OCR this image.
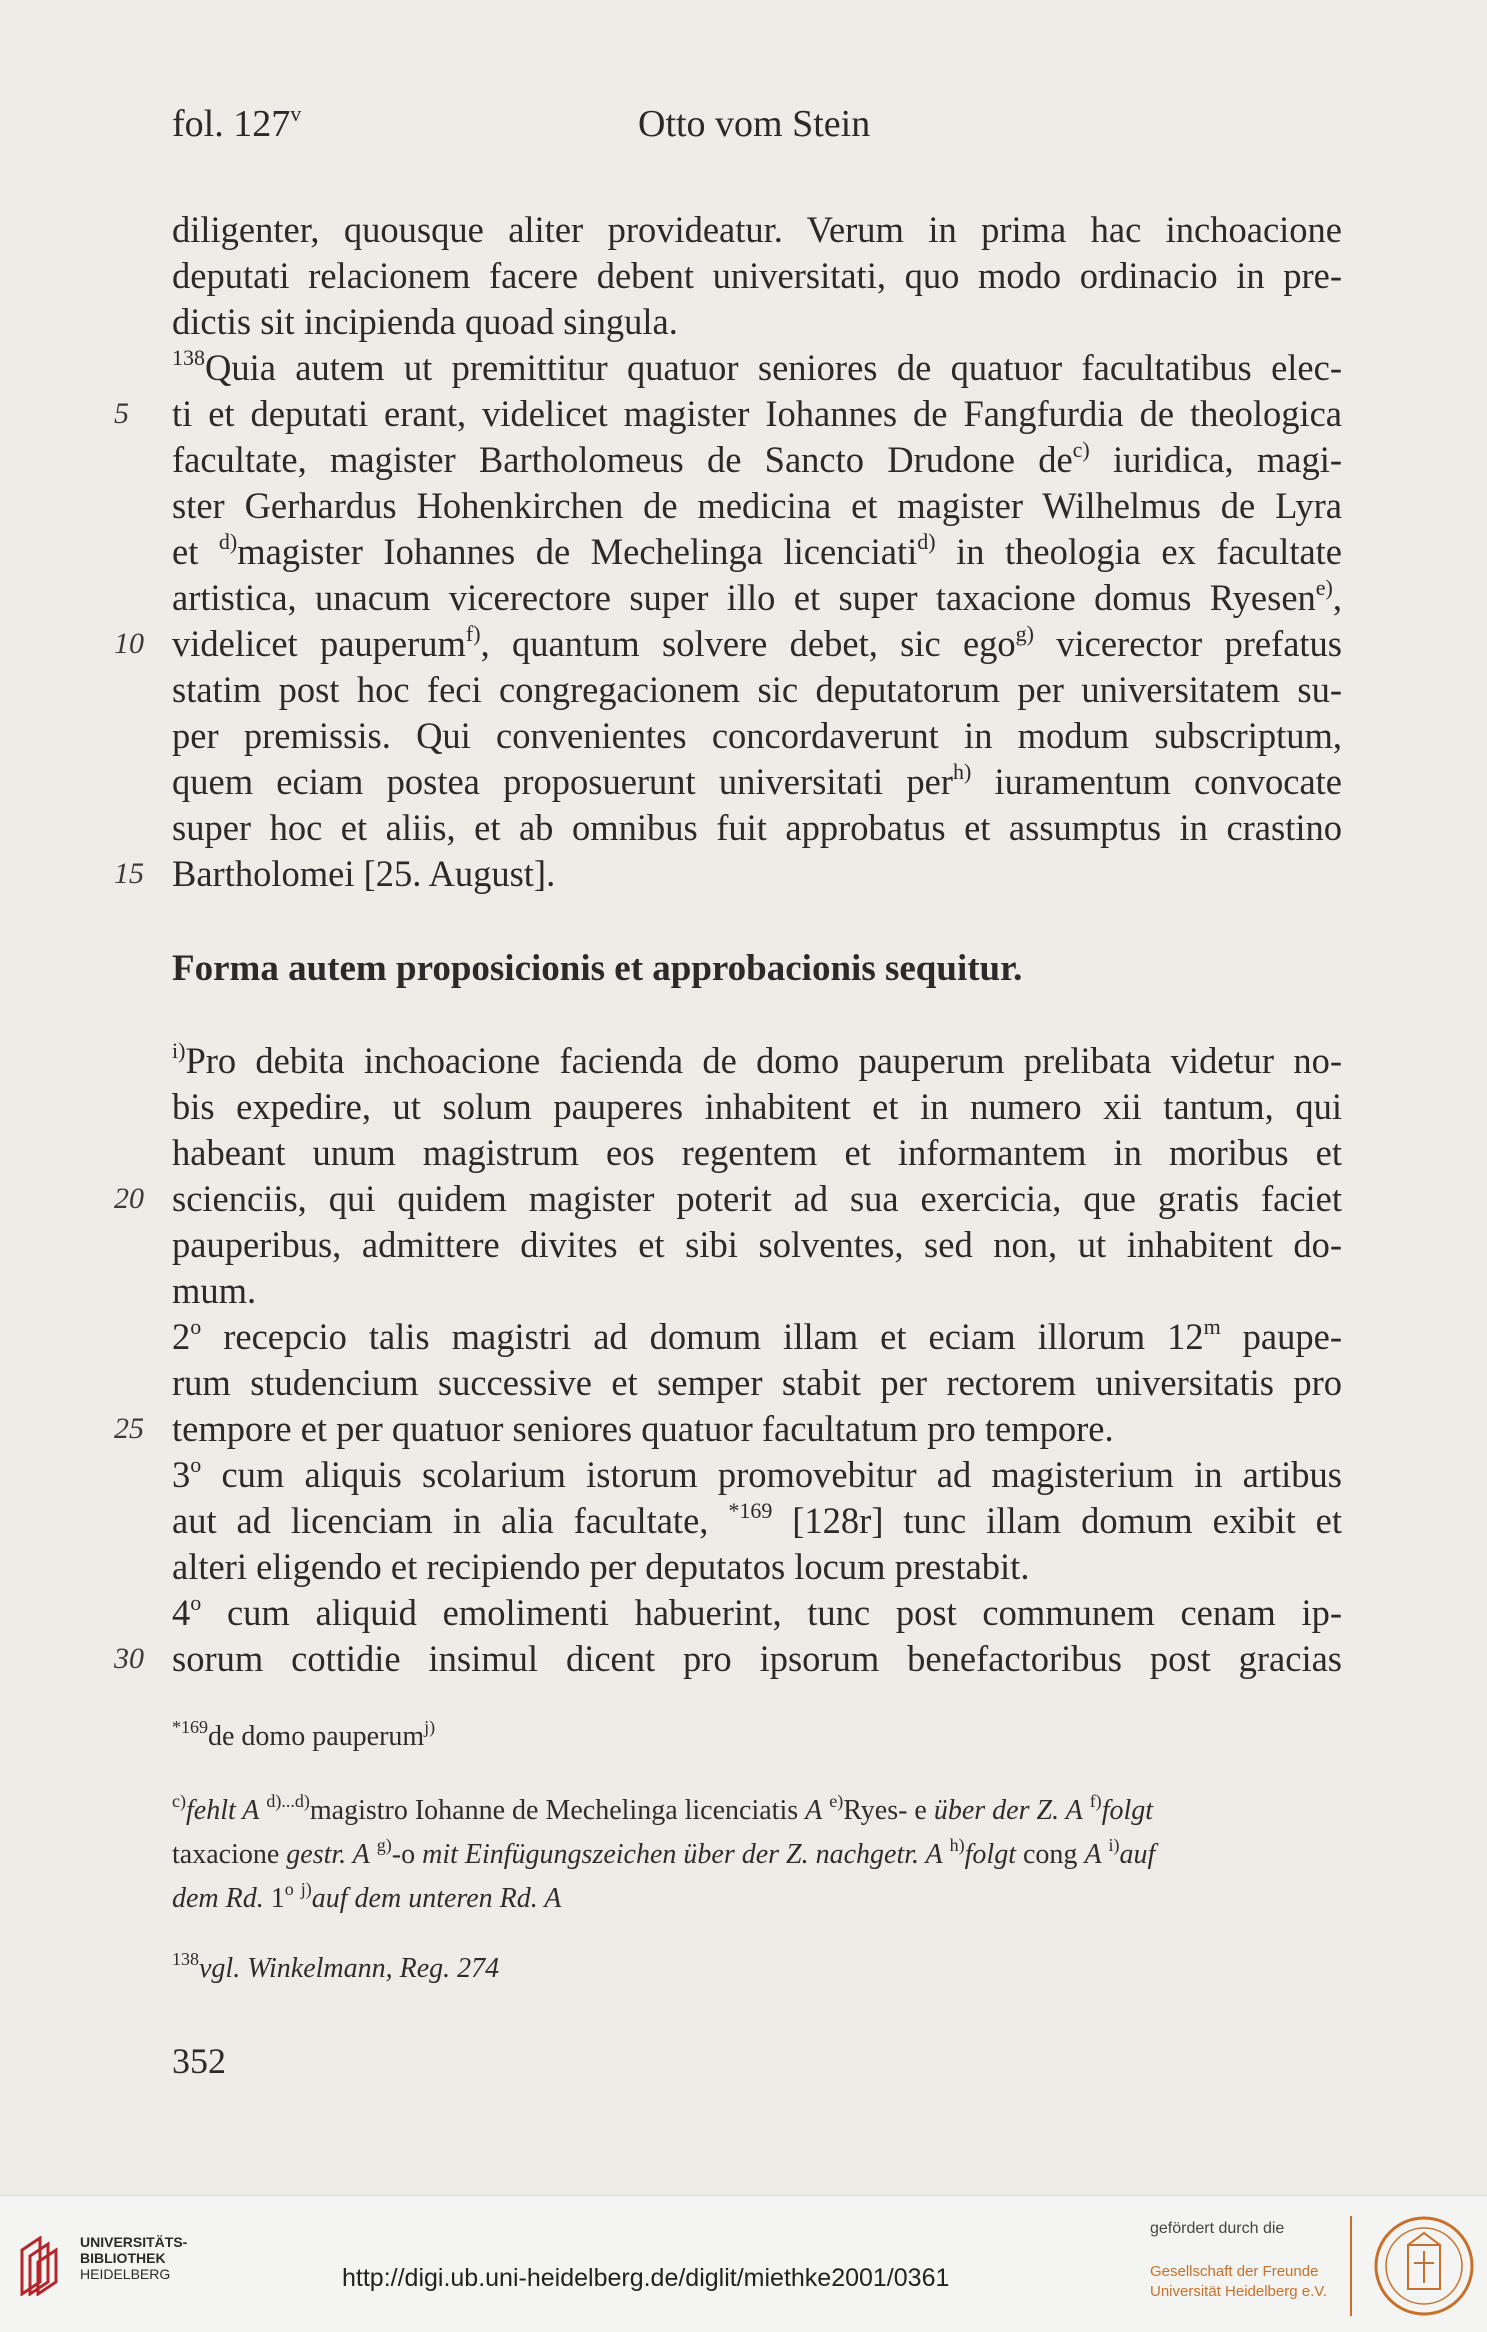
fol. 127$^v$	Otto vom Stein
diligenter, quousque aliter provideatur. Verum in prima hac inchoacione
deputati relacionem facere debent universitati, quo modo ordinacio in pre-
dictis sit incipienda quoad singula.
$^{138}$Quia autem ut premittitur quatuor seniores de quatuor facultatibus elec-
5 ti et deputati erant, videlicet magister Iohannes de Fangfurdia de theologica
facultate, magister Bartholomeus de Sancto Drudone $de^{c)}$ iuridica, magi-
ster Gerhardus Hohenkirchen de medicina et magister Wilhelmus de Lyra
et $^{d)}$magister Iohannes de Mechelinga licenciati$^{d)}$ in theologia ex facultate
artistica, unacum vicerectore super illo et super taxacione domus Ryesen$^{e)}$,
10 videlicet pauperum$^{f)}$, quantum solvere debet, sic ego$^{g)}$ vicerector prefatus
statim post hoc feci congregacionem sic deputatorum per universitatem su-
per premissis. Qui convenientes concordaverunt in modum subscriptum,
quem eciam postea proposuerunt universitati per$^{h)}$ iuramentum convocate
super hoc et aliis, et ab omnibus fuit approbatus et assumptus in crastino
15 Bartholomei [25. August].
Forma autem proposicionis et approbacionis sequitur.
$^{i)}$Pro debita inchoacione facienda de domo pauperum prelibata videtur no-
bis expedire, ut solum pauperes inhabitent et in numero xii tantum, qui
habeant unum magistrum eos regentem et informantem in moribus et
20 scienciis, qui quidem magister poterit ad sua exercicia, que gratis faciet
pauperibus, admittere divites et sibi solventes, sed non, ut inhabitent do-
mum.
2$^o$ recepcio talis magistri ad domum illam et eciam illorum 12$^m$ paupe-
rum studencium successive et semper stabit per rectorem universitatis pro
25 tempore et per quatuor seniores quatuor facultatum pro tempore.
3$^o$ cum aliquis scolarium istorum promovebitur ad magisterium in artibus
aut ad licenciam in alia facultate, $^{*169}$ [128r] tunc illam domum exibit et
alteri eligendo et recipiendo per deputatos locum prestabit.
4$^o$ cum aliquid emolimenti habuerint, tunc post communem cenam ip-
30 sorum cottidie insimul dicent pro ipsorum benefactoribus post gracias
$^{*169}$de domo pauperum$^{j)}$
$^{c)}$fehlt A $^{d)...d)}$magistro Iohanne de Mechelinga licenciatis A $^{e)}$Ryes- e über der Z. A $^{f)}$folgt
taxacione gestr. A $^{g)}$-o mit Einfügungszeichen über der Z. nachgetr. A $^{h)}$folgt cong A $^{i)}$auf
dem Rd. 1$^o$ $^{j)}$auf dem unteren Rd. A
$^{138}$vgl. Winkelmann, Reg. 274
352
UNIVERSITÄTS-
BIBLIOTHEK
HEIDELBERG	http://digi.ub.uni-heidelberg.de/diglit/miethke2001/0361
gefördert durch die
Gesellschaft der Freunde
Universität Heidelberg e.V.
